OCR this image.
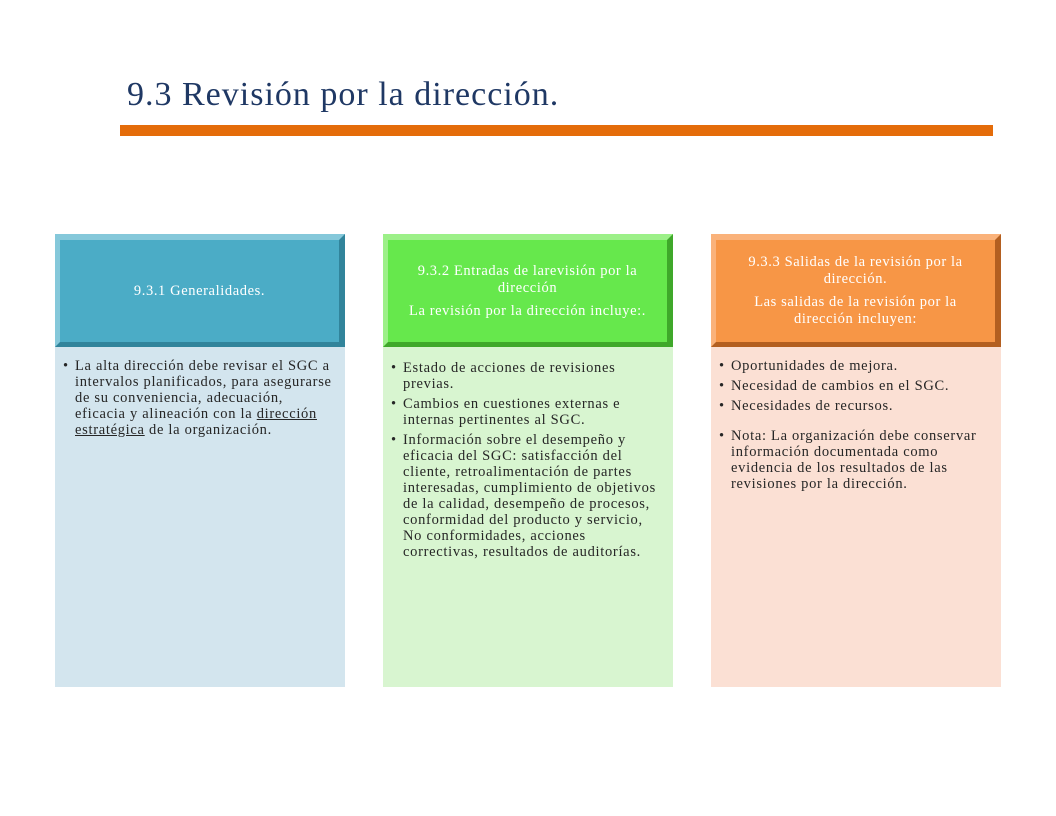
9.3 Revisión por la dirección.

9.3.1 Generalidades.

• La alta dirección debe revisar el SGC a intervalos planificados, para asegurarse de su conveniencia, adecuación, eficacia y alineación con la dirección estratégica de la organización.

9.3.2 Entradas de larevisión por la dirección

La revisión por la dirección incluye:.

• Estado de acciones de revisiones previas.
• Cambios en cuestiones externas e internas pertinentes al SGC.
• Información sobre el desempeño y eficacia del SGC: satisfacción del cliente, retroalimentación de partes interesadas, cumplimiento de objetivos de la calidad, desempeño de procesos, conformidad del producto y servicio, No conformidades, acciones correctivas, resultados de auditorías.

9.3.3 Salidas de la revisión por la dirección.

Las salidas de la revisión por la dirección incluyen:

• Oportunidades de mejora.
• Necesidad de cambios en el SGC.
• Necesidades de recursos.
• Nota: La organización debe conservar información documentada como evidencia de los resultados de las revisiones por la dirección.
